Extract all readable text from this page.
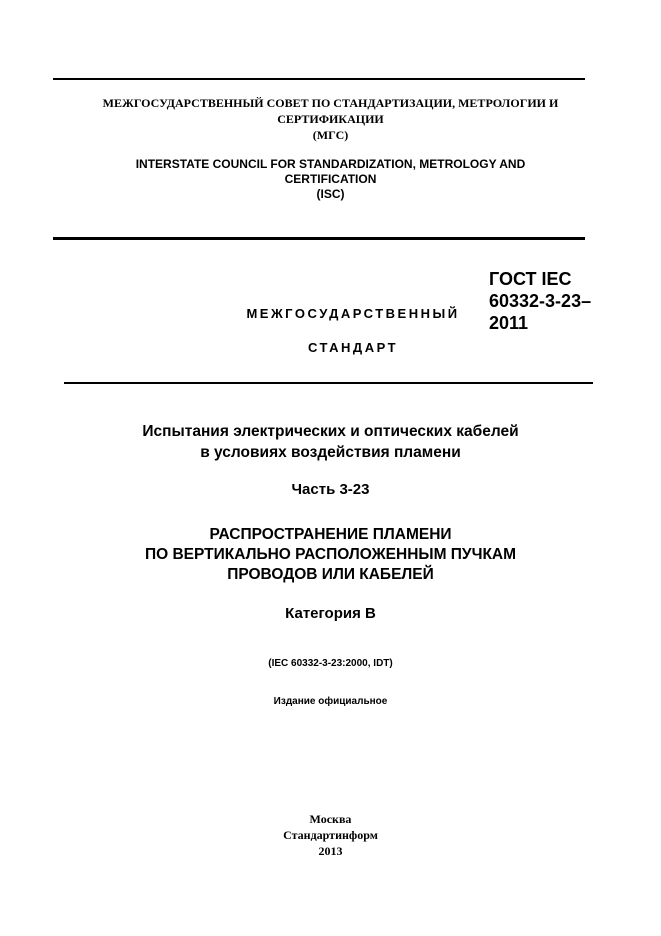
МЕЖГОСУДАРСТВЕННЫЙ СОВЕТ ПО СТАНДАРТИЗАЦИИ, МЕТРОЛОГИИ И
СЕРТИФИКАЦИИ
(МГС)
INTERSTATE COUNCIL FOR STANDARDIZATION, METROLOGY AND
CERTIFICATION
(ISC)
МЕЖГОСУДАРСТВЕННЫЙ
СТАНДАРТ
ГОСТ IEC
60332-3-23–
2011
Испытания электрических и оптических кабелей
в условиях воздействия пламени
Часть 3-23
РАСПРОСТРАНЕНИЕ ПЛАМЕНИ
ПО ВЕРТИКАЛЬНО РАСПОЛОЖЕННЫМ ПУЧКАМ
ПРОВОДОВ ИЛИ КАБЕЛЕЙ
Категория В
(IEC 60332-3-23:2000, IDT)
Издание официальное
Москва
Стандартинформ
2013
